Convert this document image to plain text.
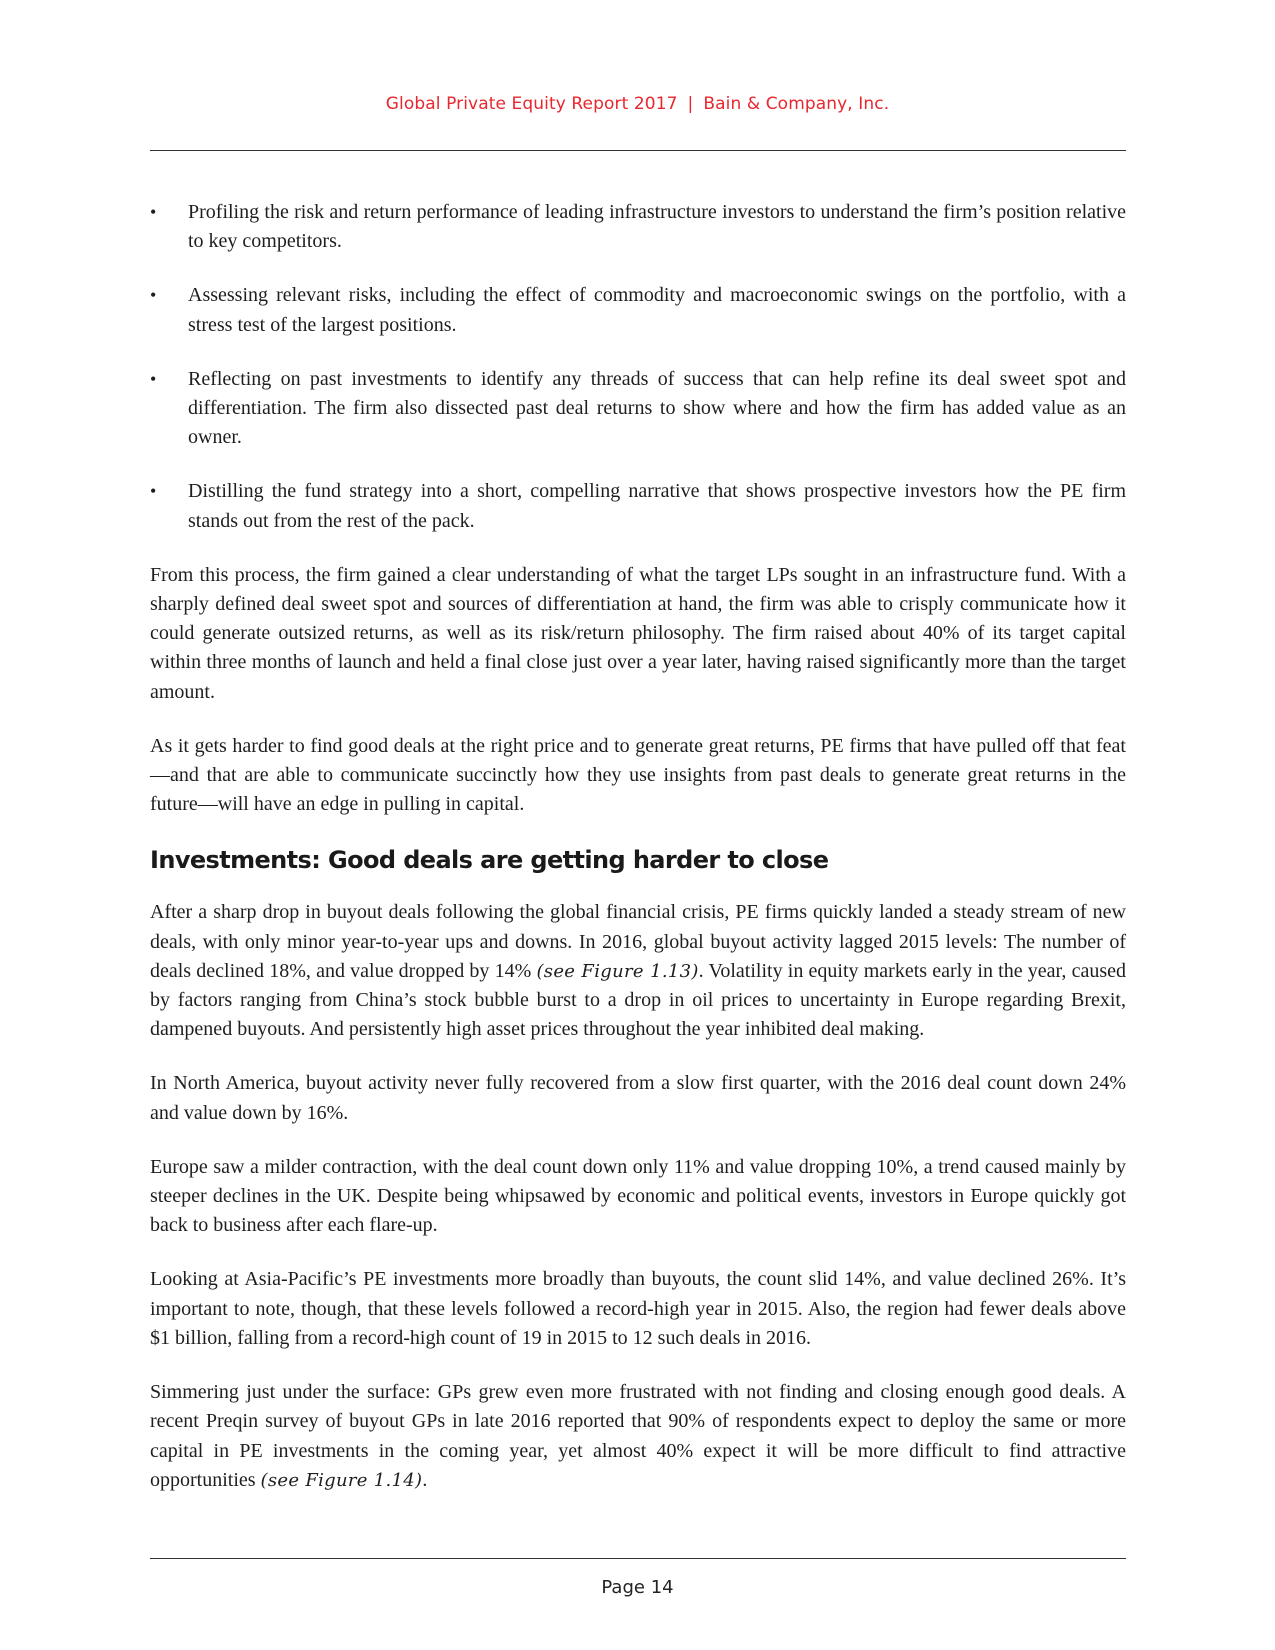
Global Private Equity Report 2017 | Bain & Company, Inc.
• Profiling the risk and return performance of leading infrastructure investors to understand the firm’s position relative to key competitors.
• Assessing relevant risks, including the effect of commodity and macroeconomic swings on the portfolio, with a stress test of the largest positions.
• Reflecting on past investments to identify any threads of success that can help refine its deal sweet spot and differentiation. The firm also dissected past deal returns to show where and how the firm has added value as an owner.
• Distilling the fund strategy into a short, compelling narrative that shows prospective investors how the PE firm stands out from the rest of the pack.

From this process, the firm gained a clear understanding of what the target LPs sought in an infrastructure fund. With a sharply defined deal sweet spot and sources of differentiation at hand, the firm was able to crisply communicate how it could generate outsized returns, as well as its risk/return philosophy. The firm raised about 40% of its target capital within three months of launch and held a final close just over a year later, having raised significantly more than the target amount.

As it gets harder to find good deals at the right price and to generate great returns, PE firms that have pulled off that feat—and that are able to communicate succinctly how they use insights from past deals to generate great returns in the future—will have an edge in pulling in capital.

Investments: Good deals are getting harder to close

After a sharp drop in buyout deals following the global financial crisis, PE firms quickly landed a steady stream of new deals, with only minor year-to-year ups and downs. In 2016, global buyout activity lagged 2015 levels: The number of deals declined 18%, and value dropped by 14% (see Figure 1.13). Volatility in equity markets early in the year, caused by factors ranging from China’s stock bubble burst to a drop in oil prices to uncertainty in Europe regarding Brexit, dampened buyouts. And persistently high asset prices throughout the year inhibited deal making.

In North America, buyout activity never fully recovered from a slow first quarter, with the 2016 deal count down 24% and value down by 16%.

Europe saw a milder contraction, with the deal count down only 11% and value dropping 10%, a trend caused mainly by steeper declines in the UK. Despite being whipsawed by economic and political events, investors in Europe quickly got back to business after each flare-up.

Looking at Asia-Pacific’s PE investments more broadly than buyouts, the count slid 14%, and value declined 26%. It’s important to note, though, that these levels followed a record-high year in 2015. Also, the region had fewer deals above $1 billion, falling from a record-high count of 19 in 2015 to 12 such deals in 2016.

Simmering just under the surface: GPs grew even more frustrated with not finding and closing enough good deals. A recent Preqin survey of buyout GPs in late 2016 reported that 90% of respondents expect to deploy the same or more capital in PE investments in the coming year, yet almost 40% expect it will be more difficult to find attractive opportunities (see Figure 1.14).

Page 14
